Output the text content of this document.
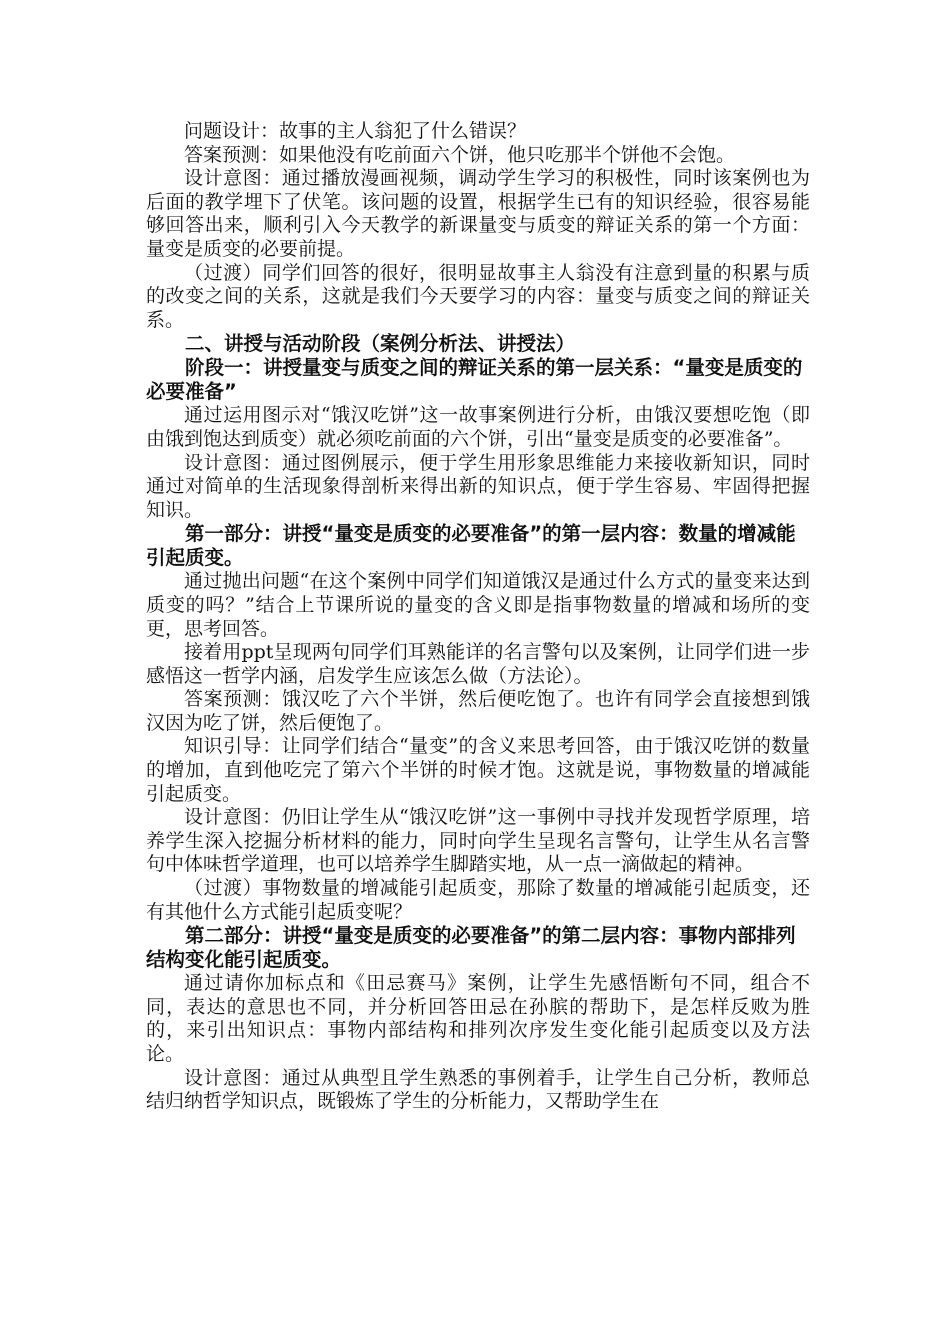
问题设计：故事的主人翁犯了什么错误？

答案预测：如果他没有吃前面六个饼，他只吃那半个饼他不会饱。

设计意图：通过播放漫画视频，调动学生学习的积极性，同时该案例也为后面的教学埋下了伏笔。该问题的设置，根据学生已有的知识经验，很容易能够回答出来，顺利引入今天教学的新课量变与质变的辩证关系的第一个方面：量变是质变的必要前提。

（过渡）同学们回答的很好，很明显故事主人翁没有注意到量的积累与质的改变之间的关系，这就是我们今天要学习的内容：量变与质变之间的辩证关系。

二、讲授与活动阶段（案例分析法、讲授法）

阶段一：讲授量变与质变之间的辩证关系的第一层关系：“量变是质变的必要准备”

通过运用图示对“饿汉吃饼”这一故事案例进行分析，由饿汉要想吃饱（即由饿到饱达到质变）就必须吃前面的六个饼，引出“量变是质变的必要准备”。

设计意图：通过图例展示，便于学生用形象思维能力来接收新知识，同时通过对简单的生活现象得剖析来得出新的知识点，便于学生容易、牢固得把握知识。

第一部分：讲授“量变是质变的必要准备”的第一层内容：数量的增减能引起质变。

通过抛出问题“在这个案例中同学们知道饿汉是通过什么方式的量变来达到质变的吗？”结合上节课所说的量变的含义即是指事物数量的增减和场所的变更，思考回答。

接着用ppt呈现两句同学们耳熟能详的名言警句以及案例，让同学们进一步感悟这一哲学内涵，启发学生应该怎么做（方法论）。

答案预测：饿汉吃了六个半饼，然后便吃饱了。也许有同学会直接想到饿汉因为吃了饼，然后便饱了。

知识引导：让同学们结合“量变”的含义来思考回答，由于饿汉吃饼的数量的增加，直到他吃完了第六个半饼的时候才饱。这就是说，事物数量的增减能引起质变。

设计意图：仍旧让学生从“饿汉吃饼”这一事例中寻找并发现哲学原理，培养学生深入挖掘分析材料的能力，同时向学生呈现名言警句，让学生从名言警句中体味哲学道理，也可以培养学生脚踏实地，从一点一滴做起的精神。

（过渡）事物数量的增减能引起质变，那除了数量的增减能引起质变，还有其他什么方式能引起质变呢？

第二部分：讲授“量变是质变的必要准备”的第二层内容：事物内部排列结构变化能引起质变。

通过请你加标点和《田忌赛马》案例，让学生先感悟断句不同，组合不同，表达的意思也不同，并分析回答田忌在孙膑的帮助下，是怎样反败为胜的，来引出知识点：事物内部结构和排列次序发生变化能引起质变以及方法论。

设计意图：通过从典型且学生熟悉的事例着手，让学生自己分析，教师总结归纳哲学知识点，既锻炼了学生的分析能力，又帮助学生在
